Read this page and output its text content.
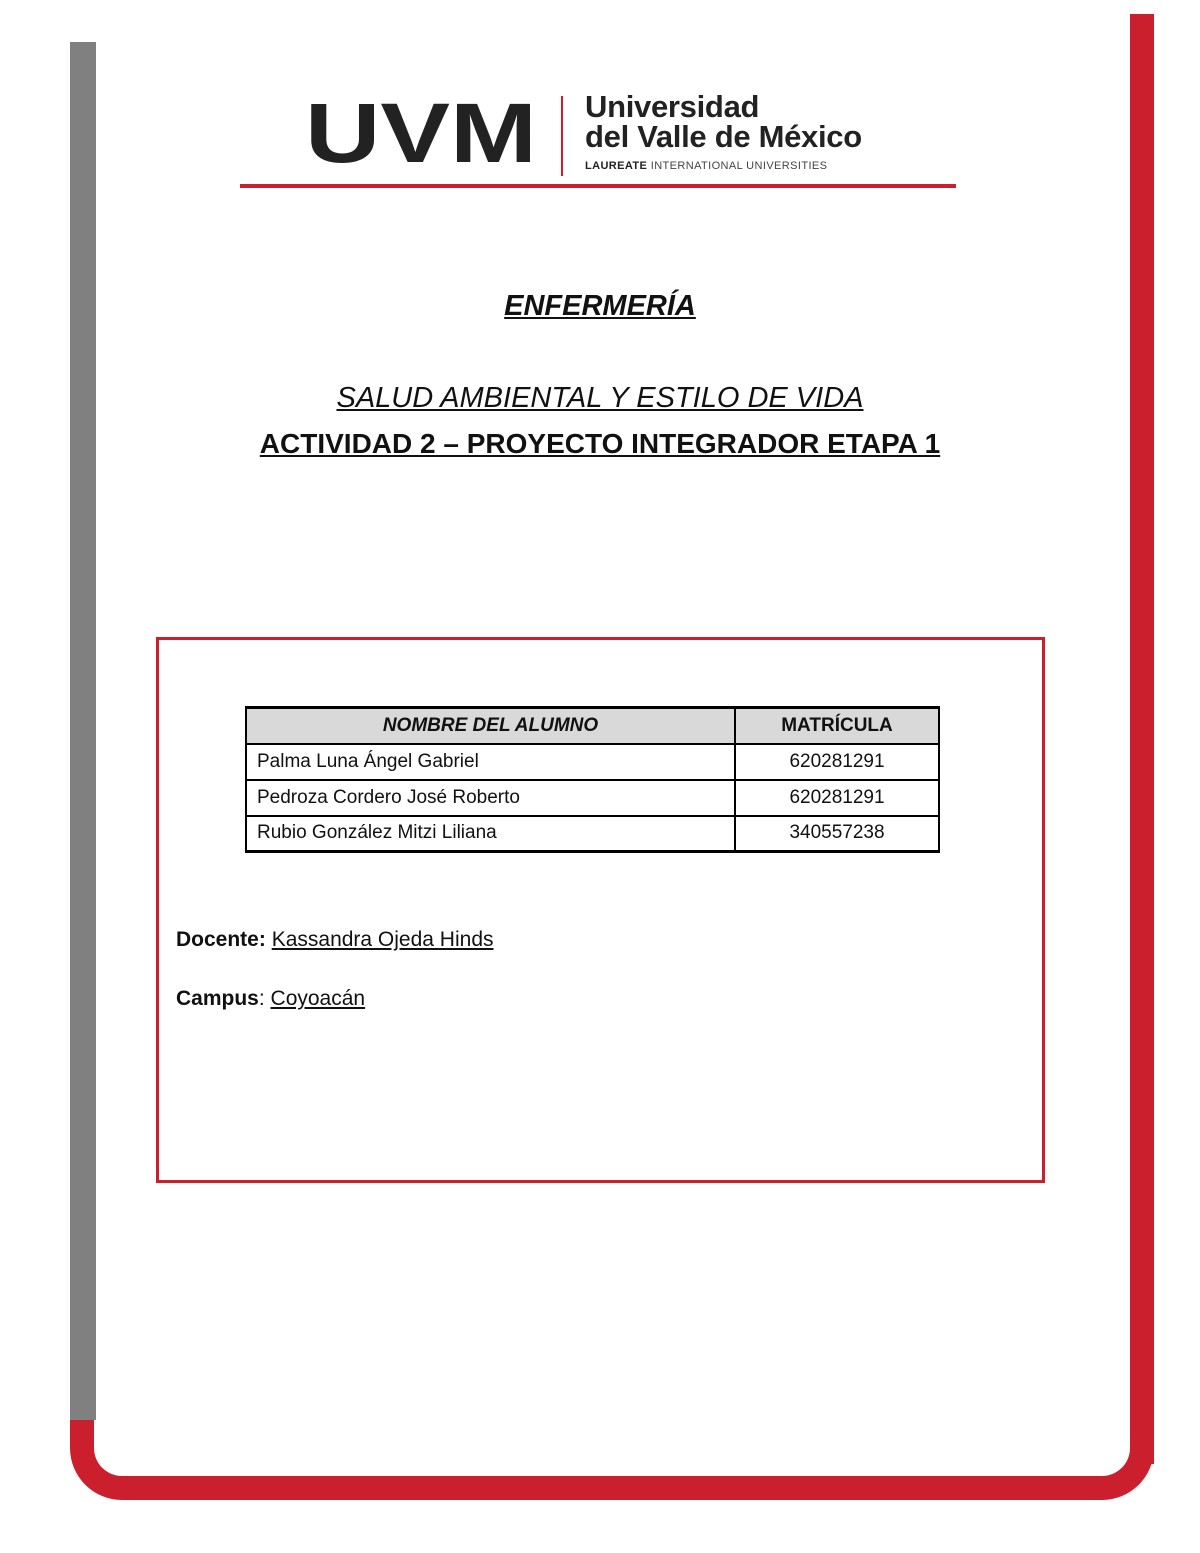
UVM Universidad
del Valle de México
LAUREATE INTERNATIONAL UNIVERSITIES
ENFERMERÍA
SALUD AMBIENTAL Y ESTILO DE VIDA
ACTIVIDAD 2 – PROYECTO INTEGRADOR ETAPA 1
NOMBRE DEL ALUMNO	MATRÍCULA
Palma Luna Ángel Gabriel	620281291
Pedroza Cordero José Roberto	620281291
Rubio González Mitzi Liliana	340557238
Docente: Kassandra Ojeda Hinds
Campus: Coyoacán
